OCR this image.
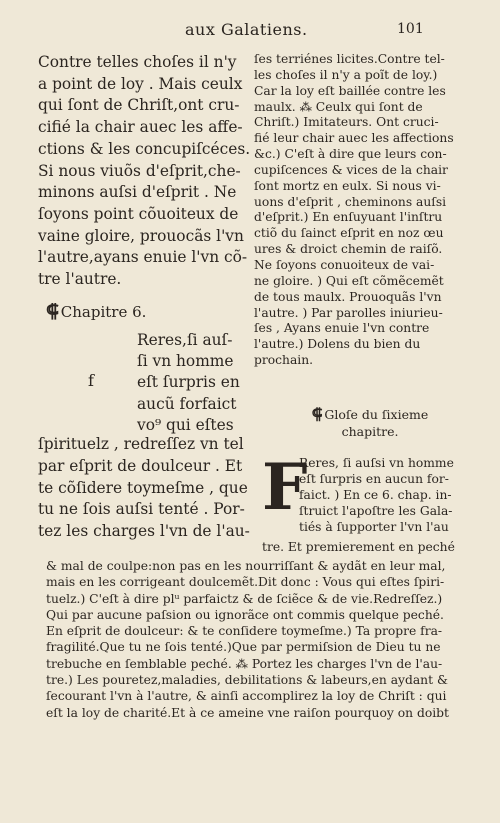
aux Galatiens.	101
Contre telles choſes il n'y
a point de loy . Mais ceulx
qui ſont de Chriſt,ont cru-
cifié la chair auec les affe-
ctions & les concupiſcéces.
Si nous viuõs d'eſprit,che-
minons auſsi d'eſprit . Ne
ſoyons point cõuoiteux de
vaine gloire, prouocãs l'vn
l'autre,ayans enuie l'vn cõ-
tre l'autre.
⸿ Chapitre 6.
f
Reres,ſi auſ-
ſi vn homme
eſt ſurpris en
aucũ forfaict
vo⁹ qui eſtes
ſpirituelz , redreſſez vn tel
par eſprit de doulceur . Et
te cõſidere toymeſme , que
tu ne ſois auſsi tenté . Por-
tez les charges l'vn de l'au-
ſes terriénes licites.Contre tel-
les choſes il n'y a poĩt de loy.)
Car la loy eſt baillée contre les
maulx. ⁂ Ceulx qui ſont de
Chriſt.) Imitateurs. Ont cruci-
fié leur chair auec les affections
&c.) C'eſt à dire que leurs con-
cupiſcences & vices de la chair
ſont mortz en eulx. Si nous vi-
uons d'eſprit , cheminons auſsi
d'eſprit.) En enſuyuant l'inſtru
ctiõ du ſainct eſprit en noz œu
ures & droict chemin de raiſõ.
Ne ſoyons conuoiteux de vai-
ne gloire. ) Qui eſt cõmẽcemẽt
de tous maulx. Prouoquãs l'vn
l'autre. ) Par parolles iniurieu-
ſes , Ayans enuie l'vn contre
l'autre.) Dolens du bien du
prochain.
⸿ Gloſe du ſixieme
chapitre.
F
Reres, ſi auſsi vn homme
eſt ſurpris en aucun for-
faict. ) En ce 6. chap. in-
ſtruict l'apoſtre les Gala-
tiés à ſupporter l'vn l'au
tre. Et premierement en peché
& mal de coulpe:non pas en les nourriſſant & aydãt en leur mal,
mais en les corrigeant doulcemẽt.Dit donc : Vous qui eſtes ſpiri-
tuelz.) C'eſt à dire plᵘ parfaictz & de ſciẽce & de vie.Redreſſez.)
Qui par aucune paſsion ou ignorãce ont commis quelque peché.
En eſprit de doulceur: & te conſidere toymeſme.) Ta propre fra-
fragilité.Que tu ne ſois tenté.)Que par permiſsion de Dieu tu ne
trebuche en ſemblable peché. ⁂ Portez les charges l'vn de l'au-
tre.) Les pouretez,maladies, debilitations & labeurs,en aydant &
ſecourant l'vn à l'autre, & ainſi accomplirez la loy de Chriſt : qui
eſt la loy de charité.Et à ce ameine vne raiſon pourquoy on doibt
